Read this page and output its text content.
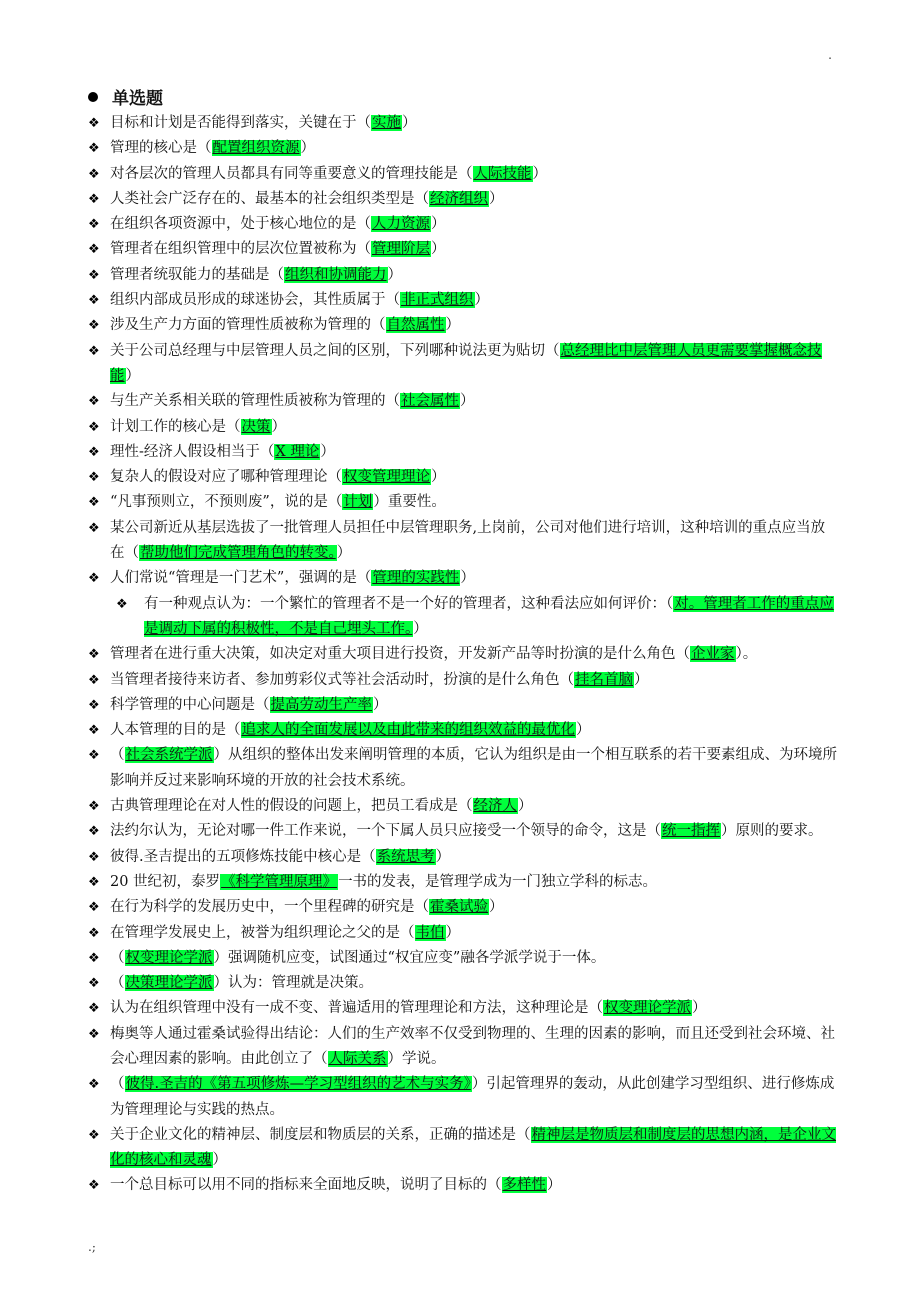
.
单选题
❖ 目标和计划是否能得到落实，关键在于（实施）
❖ 管理的核心是（配置组织资源）
❖ 对各层次的管理人员都具有同等重要意义的管理技能是（人际技能）
❖ 人类社会广泛存在的、最基本的社会组织类型是（经济组织）
❖ 在组织各项资源中，处于核心地位的是（人力资源）
❖ 管理者在组织管理中的层次位置被称为（管理阶层）
❖ 管理者统驭能力的基础是（组织和协调能力）
❖ 组织内部成员形成的球迷协会，其性质属于（非正式组织）
❖ 涉及生产力方面的管理性质被称为管理的（自然属性）
❖ 关于公司总经理与中层管理人员之间的区别，下列哪种说法更为贴切（总经理比中层管理人员更需要掌握概念技能）
❖ 与生产关系相关联的管理性质被称为管理的（社会属性）
❖ 计划工作的核心是（决策）
❖ 理性-经济人假设相当于（X 理论）
❖ 复杂人的假设对应了哪种管理理论（权变管理理论）
❖ “凡事预则立，不预则废”，说的是（计划）重要性。
❖ 某公司新近从基层选拔了一批管理人员担任中层管理职务,上岗前，公司对他们进行培训，这种培训的重点应当放在（帮助他们完成管理角色的转变。）
❖ 人们常说“管理是一门艺术”，强调的是（管理的实践性）
❖ 有一种观点认为：一个繁忙的管理者不是一个好的管理者，这种看法应如何评价：（对。管理者工作的重点应是调动下属的积极性，不是自己埋头工作。）
❖ 管理者在进行重大决策，如决定对重大项目进行投资，开发新产品等时扮演的是什么角色（企业家）。
❖ 当管理者接待来访者、参加剪彩仪式等社会活动时，扮演的是什么角色（挂名首脑）
❖ 科学管理的中心问题是（提高劳动生产率）
❖ 人本管理的目的是（追求人的全面发展以及由此带来的组织效益的最优化）
❖ （社会系统学派）从组织的整体出发来阐明管理的本质，它认为组织是由一个相互联系的若干要素组成、为环境所影响并反过来影响环境的开放的社会技术系统。
❖ 古典管理理论在对人性的假设的问题上，把员工看成是（经济人）
❖ 法约尔认为，无论对哪一件工作来说，一个下属人员只应接受一个领导的命令，这是（统一指挥）原则的要求。
❖ 彼得.圣吉提出的五项修炼技能中核心是（系统思考）
❖ 20 世纪初，泰罗《科学管理原理》一书的发表，是管理学成为一门独立学科的标志。
❖ 在行为科学的发展历史中，一个里程碑的研究是（霍桑试验）
❖ 在管理学发展史上，被誉为组织理论之父的是（韦伯）
❖ （权变理论学派）强调随机应变，试图通过“权宜应变”融各学派学说于一体。
❖ （决策理论学派）认为：管理就是决策。
❖ 认为在组织管理中没有一成不变、普遍适用的管理理论和方法，这种理论是（权变理论学派）
❖ 梅奥等人通过霍桑试验得出结论：人们的生产效率不仅受到物理的、生理的因素的影响，而且还受到社会环境、社会心理因素的影响。由此创立了（人际关系）学说。
❖ （彼得.圣吉的《第五项修炼—学习型组织的艺术与实务》）引起管理界的轰动，从此创建学习型组织、进行修炼成为管理理论与实践的热点。
❖ 关于企业文化的精神层、制度层和物质层的关系，正确的描述是（精神层是物质层和制度层的思想内涵，是企业文化的核心和灵魂）
❖ 一个总目标可以用不同的指标来全面地反映，说明了目标的（多样性）
.;
